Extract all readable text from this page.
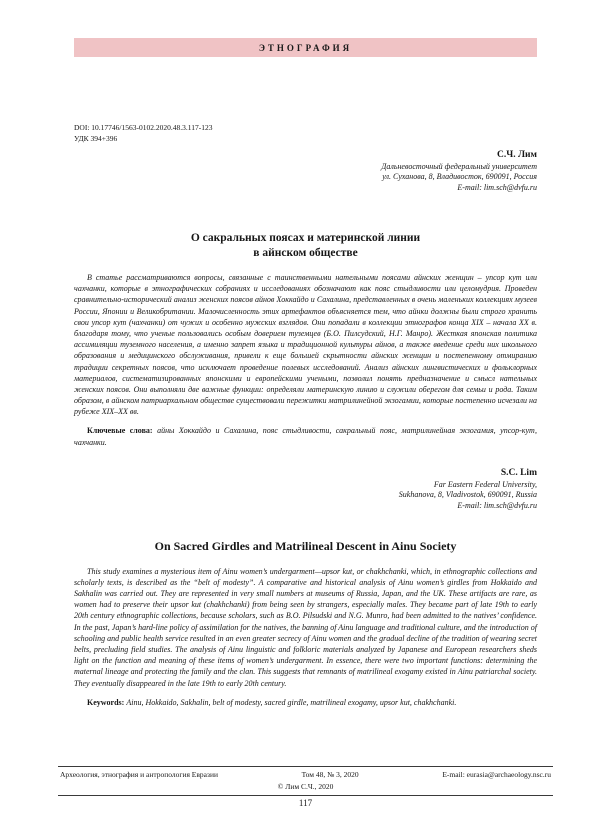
ЭТНОГРАФИЯ
DOI: 10.17746/1563-0102.2020.48.3.117-123
УДК 394+396
С.Ч. Лим
Дальневосточный федеральный университет
ул. Суханова, 8, Владивосток, 690091, Россия
E-mail: lim.sch@dvfu.ru
О сакральных поясах и материнской линии
в айнском обществе

В статье рассматриваются вопросы, связанные с таинственными нательными поясами айнских женщин – упсор кут или чахчанки, которые в этнографических собраниях и исследованиях обозначают как пояс стыдливости или целомудрия. Проведен сравнительно-исторический анализ женских поясов айнов Хоккайдо и Сахалина, представленных в очень маленьких коллекциях музеев России, Японии и Великобритании. Малочисленность этих артефактов объясняется тем, что айнки должны были строго хранить свои упсор кут (чахчанки) от чужих и особенно мужских взглядов. Они попадали в коллекции этнографов конца XIX – начала XX в. благодаря тому, что ученые пользовались особым доверием туземцев (Б.О. Пилсудский, Н.Г. Манро). Жесткая японская политика ассимиляции туземного населения, а именно запрет языка и традиционной культуры айнов, а также введение среди них школьного образования и медицинского обслуживания, привели к еще большей скрытности айнских женщин и постепенному отмиранию традиции секретных поясов, что исключает проведение полевых исследований. Анализ айнских лингвистических и фольклорных материалов, систематизированных японскими и европейскими учеными, позволил понять предназначение и смысл нательных женских поясов. Они выполняли две важные функции: определяли материнскую линию и служили оберегом для семьи и рода. Таким образом, в айнском патриархальном обществе существовали пережитки матрилинейной экзогамии, которые постепенно исчезали на рубеже XIX–XX вв.

Ключевые слова: айны Хоккайдо и Сахалина, пояс стыдливости, сакральный пояс, матрилинейная экзогамия, упсор-кут, чахчанки.

S.C. Lim
Far Eastern Federal University,
Sukhanova, 8, Vladivostok, 690091, Russia
E-mail: lim.sch@dvfu.ru
On Sacred Girdles and Matrilineal Descent in Ainu Society

This study examines a mysterious item of Ainu women’s undergarment—upsor kut, or chakhchanki, which, in ethnographic collections and scholarly texts, is described as the “belt of modesty”. A comparative and historical analysis of Ainu women’s girdles from Hokkaido and Sakhalin was carried out. They are represented in very small numbers at museums of Russia, Japan, and the UK. These artifacts are rare, as women had to preserve their upsor kut (chakhchanki) from being seen by strangers, especially males. They became part of late 19th to early 20th century ethnographic collections, because scholars, such as B.O. Pilsudski and N.G. Munro, had been admitted to the natives’ confidence. In the past, Japan’s hard-line policy of assimilation for the natives, the banning of Ainu language and traditional culture, and the introduction of schooling and public health service resulted in an even greater secrecy of Ainu women and the gradual decline of the tradition of wearing secret belts, precluding field studies. The analysis of Ainu linguistic and folkloric materials analyzed by Japanese and European researchers sheds light on the function and meaning of these items of women’s undergarment. In essence, there were two important functions: determining the maternal lineage and protecting the family and the clan. This suggests that remnants of matrilineal exogamy existed in Ainu patriarchal society. They eventually disappeared in the late 19th to early 20th century.

Keywords: Ainu, Hokkaido, Sakhalin, belt of modesty, sacred girdle, matrilineal exogamy, upsor kut, chakhchanki.

Археология, этнография и антропология Евразии	Том 48, № 3, 2020	E-mail: eurasia@archaeology.nsc.ru
© Лим С.Ч., 2020
117
